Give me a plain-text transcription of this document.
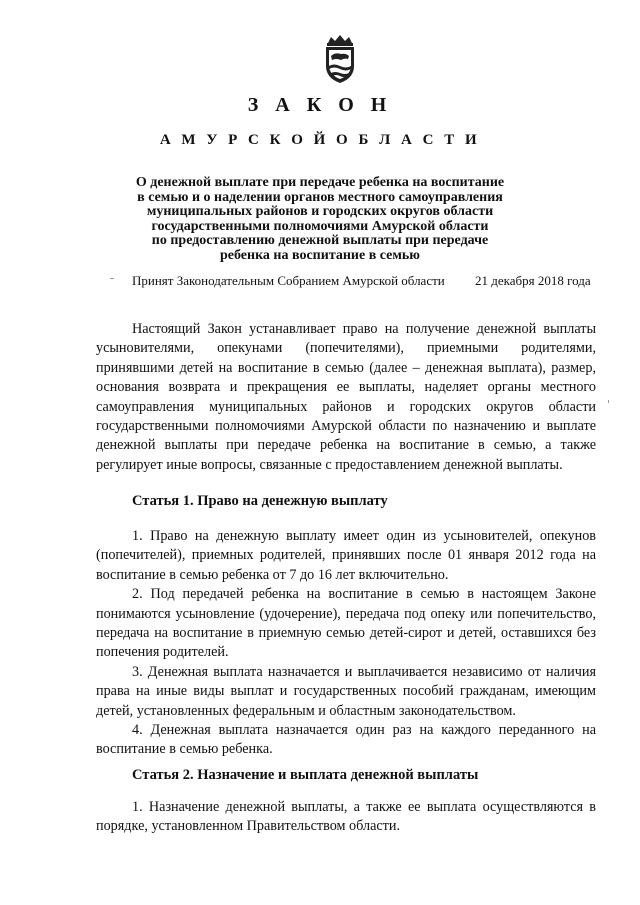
З А К О Н
А М У Р С К О Й О Б Л А С Т И
О денежной выплате при передаче ребенка на воспитание
в семью и о наделении органов местного самоуправления
муниципальных районов и городских округов области
государственными полномочиями Амурской области
по предоставлению денежной выплаты при передаче
ребенка на воспитание в семью
Принят Законодательным Собранием Амурской области 21 декабря 2018 года

Настоящий Закон устанавливает право на получение денежной выплаты усыновителями, опекунами (попечителями), приемными родителями, принявшими детей на воспитание в семью (далее – денежная выплата), размер, основания возврата и прекращения ее выплаты, наделяет органы местного самоуправления муниципальных районов и городских округов области государственными полномочиями Амурской области по назначению и выплате денежной выплаты при передаче ребенка на воспитание в семью, а также регулирует иные вопросы, связанные с предоставлением денежной выплаты.

Статья 1. Право на денежную выплату

1. Право на денежную выплату имеет один из усыновителей, опекунов (попечителей), приемных родителей, принявших после 01 января 2012 года на воспитание в семью ребенка от 7 до 16 лет включительно.

2. Под передачей ребенка на воспитание в семью в настоящем Законе понимаются усыновление (удочерение), передача под опеку или попечительство, передача на воспитание в приемную семью детей-сирот и детей, оставшихся без попечения родителей.

3. Денежная выплата назначается и выплачивается независимо от наличия права на иные виды выплат и государственных пособий гражданам, имеющим детей, установленных федеральным и областным законодательством.

4. Денежная выплата назначается один раз на каждого переданного на воспитание в семью ребенка.

Статья 2. Назначение и выплата денежной выплаты

1. Назначение денежной выплаты, а также ее выплата осуществляются в порядке, установленном Правительством области.
